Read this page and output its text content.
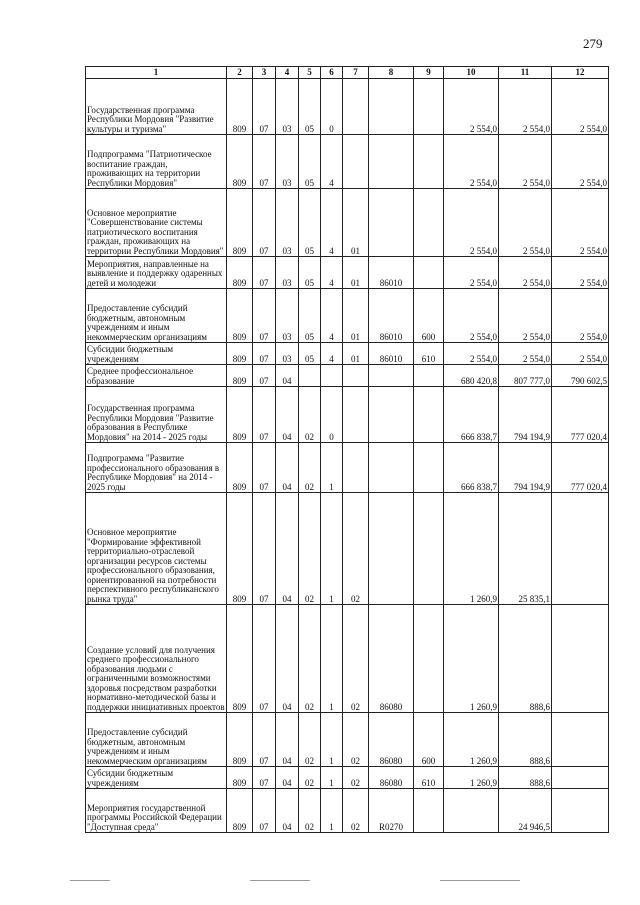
279
1	2	3	4	5	6	7	8	9	10	11	12
Государственная программа Республики Мордовия "Развитие культуры и туризма"	809	07	03	05	0				2 554,0	2 554,0	2 554,0
Подпрограмма "Патриотическое воспитание граждан, проживающих на территории Республики Мордовия"	809	07	03	05	4				2 554,0	2 554,0	2 554,0
Основное мероприятие "Совершенствование системы патриотического воспитания граждан, проживающих на территории Республики Мордовия"	809	07	03	05	4	01			2 554,0	2 554,0	2 554,0
Мероприятия, направленные на выявление и поддержку одаренных детей и молодежи	809	07	03	05	4	01	86010		2 554,0	2 554,0	2 554,0
Предоставление субсидий бюджетным, автономным учреждениям и иным некоммерческим организациям	809	07	03	05	4	01	86010	600	2 554,0	2 554,0	2 554,0
Субсидии бюджетным учреждениям	809	07	03	05	4	01	86010	610	2 554,0	2 554,0	2 554,0
Среднее профессиональное образование	809	07	04						680 420,8	807 777,0	790 602,5
Государственная программа Республики Мордовия "Развитие образования в Республике Мордовия" на 2014 - 2025 годы	809	07	04	02	0				666 838,7	794 194,9	777 020,4
Подпрограмма "Развитие профессионального образования в Республике Мордовия" на 2014 - 2025 годы	809	07	04	02	1				666 838,7	794 194,9	777 020,4
Основное мероприятие "Формирование эффективной территориально-отраслевой организации ресурсов системы профессионального образования, ориентированной на потребности перспективного республиканского рынка труда"	809	07	04	02	1	02			1 260,9	25 835,1	
Создание условий для получения среднего профессионального образования людьми с ограниченными возможностями здоровья посредством разработки нормативно-методической базы и поддержки инициативных проектов	809	07	04	02	1	02	86080		1 260,9	888,6	
Предоставление субсидий бюджетным, автономным учреждениям и иным некоммерческим организациям	809	07	04	02	1	02	86080	600	1 260,9	888,6	
Субсидии бюджетным учреждениям	809	07	04	02	1	02	86080	610	1 260,9	888,6	
Мероприятия государственной программы Российской Федерации "Доступная среда"	809	07	04	02	1	02	R0270			24 946,5	
